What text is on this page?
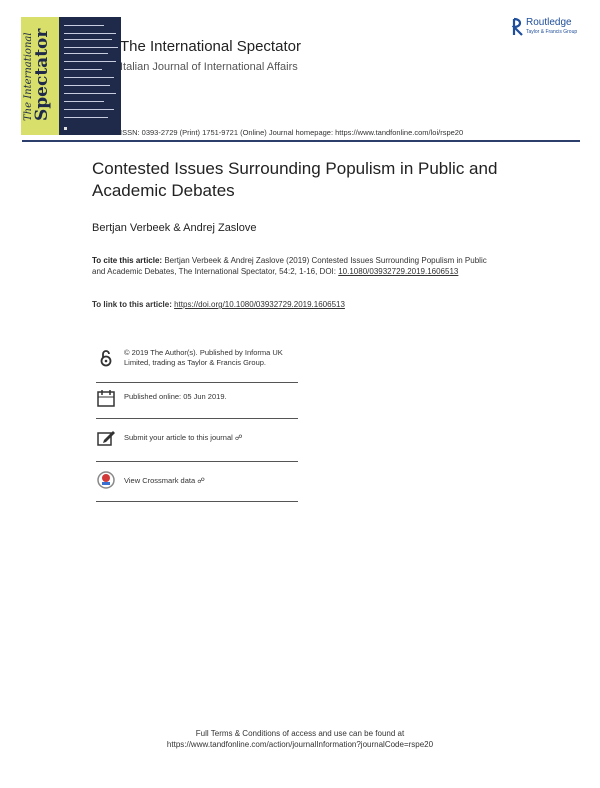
The International
Spectator	The International Spectator
Italian Journal of International Affairs
Routledge
Taylor & Francis Group
ISSN: 0393-2729 (Print) 1751-9721 (Online) Journal homepage: https://www.tandfonline.com/loi/rspe20
Contested Issues Surrounding Populism in Public and Academic Debates
Bertjan Verbeek & Andrej Zaslove
To cite this article: Bertjan Verbeek & Andrej Zaslove (2019) Contested Issues Surrounding Populism in Public and Academic Debates, The International Spectator, 54:2, 1-16, DOI: 10.1080/03932729.2019.1606513
To link to this article: https://doi.org/10.1080/03932729.2019.1606513
© 2019 The Author(s). Published by Informa UK Limited, trading as Taylor & Francis Group.
Published online: 05 Jun 2019.
Submit your article to this journal ☍
View Crossmark data ☍
Full Terms & Conditions of access and use can be found at
https://www.tandfonline.com/action/journalInformation?journalCode=rspe20
